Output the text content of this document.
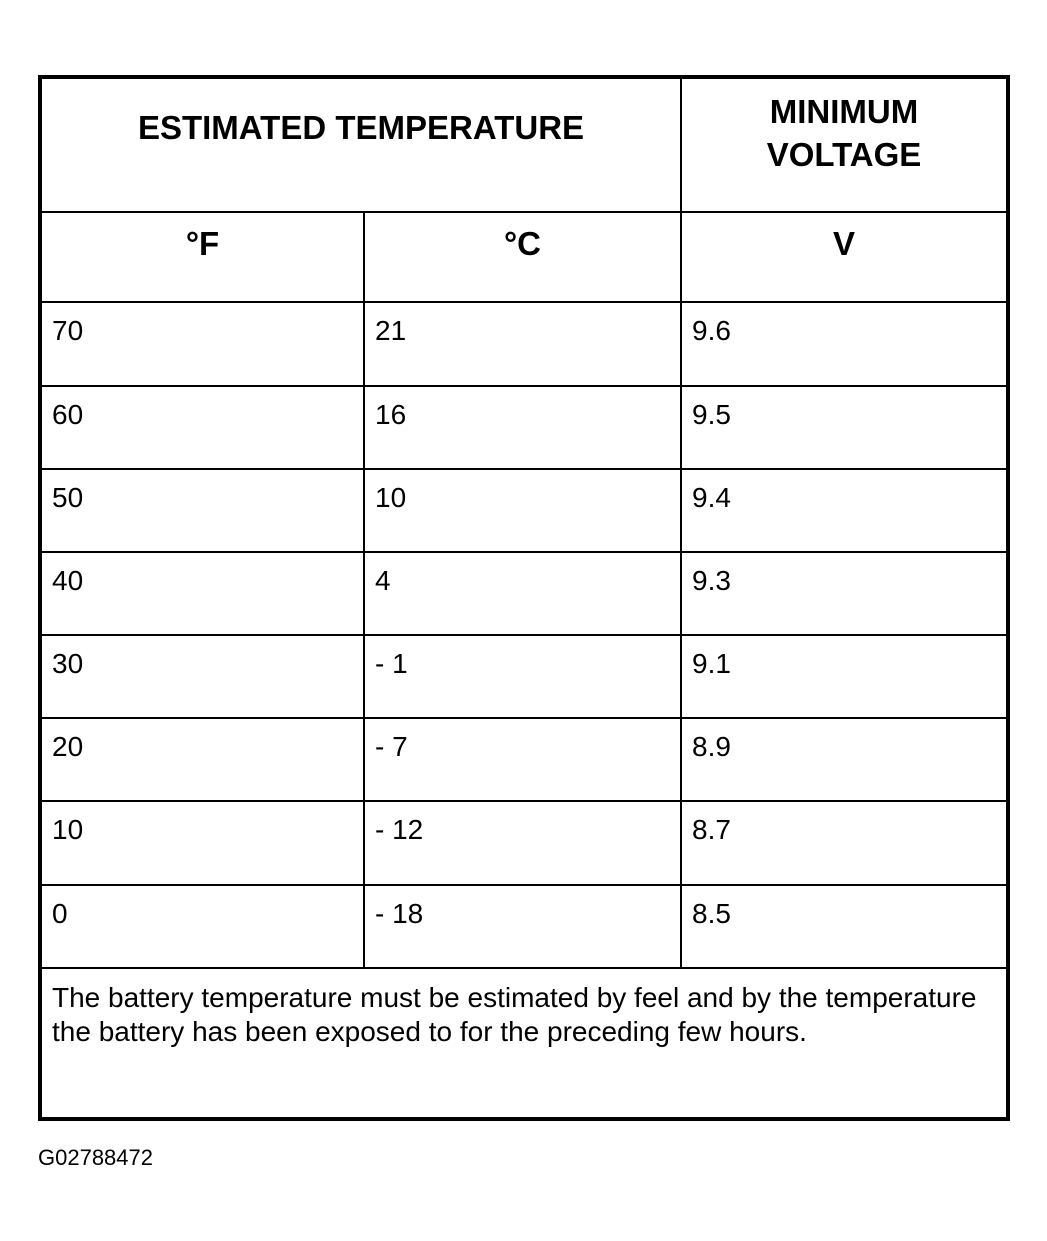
ESTIMATED TEMPERATURE		MINIMUM
VOLTAGE
°F	°C	V
70	21	9.6
60	16	9.5
50	10	9.4
40	4	9.3
30	- 1	9.1
20	- 7	8.9
10	- 12	8.7
0	- 18	8.5

The battery temperature must be estimated by feel and by the temperature the battery has been exposed to for the preceding few hours.		
G02788472
